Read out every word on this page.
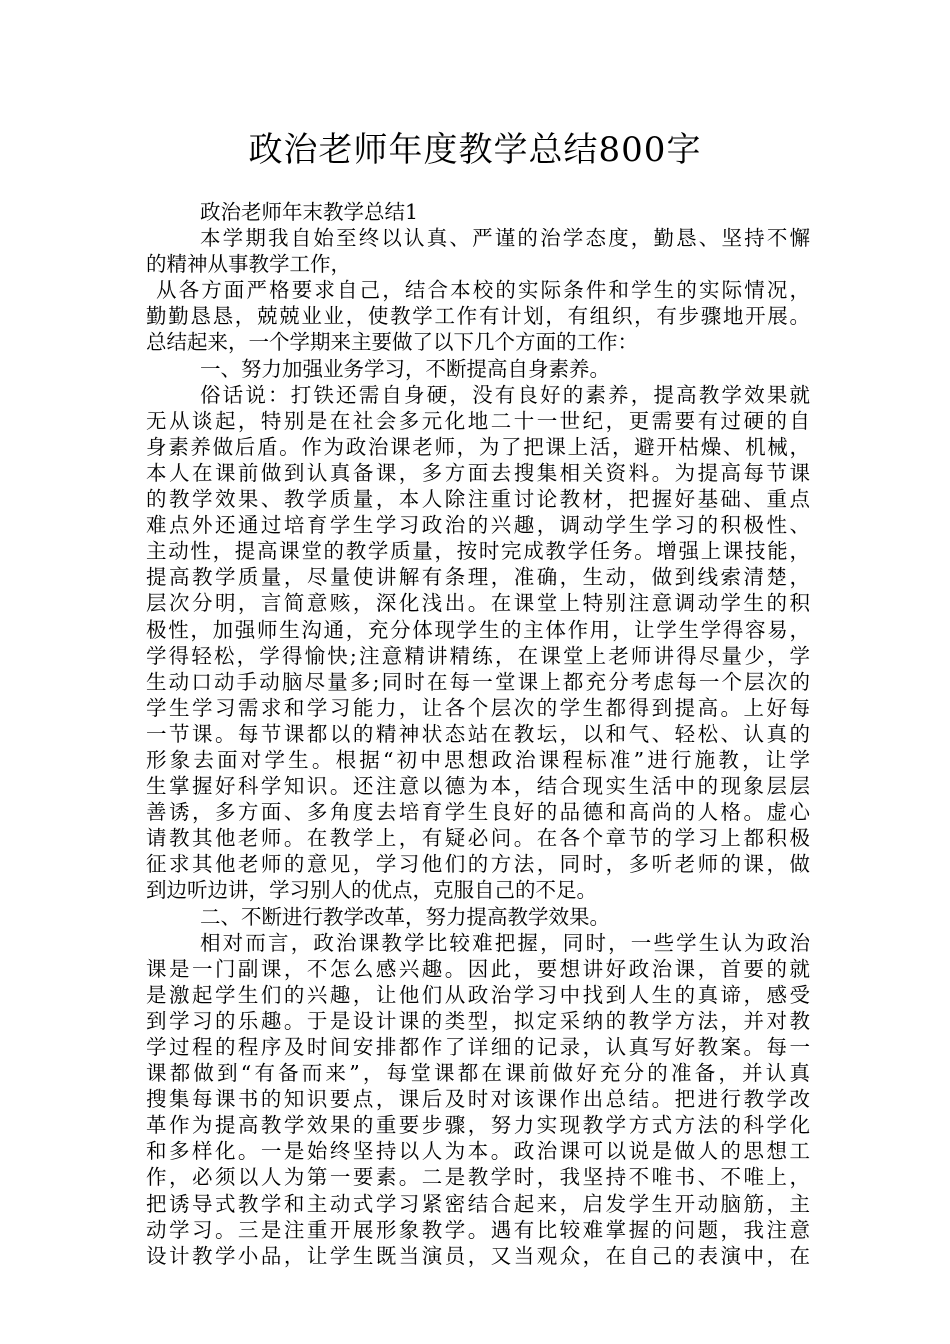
政治老师年度教学总结800字
政治老师年末教学总结1
本学期我自始至终以认真、严谨的治学态度，勤恳、坚持不懈
的精神从事教学工作，
从各方面严格要求自己，结合本校的实际条件和学生的实际情况，
勤勤恳恳，兢兢业业，使教学工作有计划，有组织，有步骤地开展。
总结起来，一个学期来主要做了以下几个方面的工作：
一、努力加强业务学习，不断提高自身素养。
俗话说：打铁还需自身硬，没有良好的素养，提高教学效果就
无从谈起，特别是在社会多元化地二十一世纪，更需要有过硬的自
身素养做后盾。作为政治课老师，为了把课上活，避开枯燥、机械，
本人在课前做到认真备课，多方面去搜集相关资料。为提高每节课
的教学效果、教学质量，本人除注重讨论教材，把握好基础、重点
难点外还通过培育学生学习政治的兴趣，调动学生学习的积极性、
主动性，提高课堂的教学质量，按时完成教学任务。增强上课技能，
提高教学质量，尽量使讲解有条理，准确，生动，做到线索清楚，
层次分明，言简意赅，深化浅出。在课堂上特别注意调动学生的积
极性，加强师生沟通，充分体现学生的主体作用，让学生学得容易，
学得轻松，学得愉快;注意精讲精练，在课堂上老师讲得尽量少，学
生动口动手动脑尽量多;同时在每一堂课上都充分考虑每一个层次的
学生学习需求和学习能力，让各个层次的学生都得到提高。上好每
一节课。每节课都以的精神状态站在教坛，以和气、轻松、认真的
形象去面对学生。根据“初中思想政治课程标准”进行施教，让学
生掌握好科学知识。还注意以德为本，结合现实生活中的现象层层
善诱，多方面、多角度去培育学生良好的品德和高尚的人格。虚心
请教其他老师。在教学上，有疑必问。在各个章节的学习上都积极
征求其他老师的意见，学习他们的方法，同时，多听老师的课，做
到边听边讲，学习别人的优点，克服自己的不足。
二、不断进行教学改革，努力提高教学效果。
相对而言，政治课教学比较难把握，同时，一些学生认为政治
课是一门副课，不怎么感兴趣。因此，要想讲好政治课，首要的就
是激起学生们的兴趣，让他们从政治学习中找到人生的真谛，感受
到学习的乐趣。于是设计课的类型，拟定采纳的教学方法，并对教
学过程的程序及时间安排都作了详细的记录，认真写好教案。每一
课都做到“有备而来”，每堂课都在课前做好充分的准备，并认真
搜集每课书的知识要点，课后及时对该课作出总结。把进行教学改
革作为提高教学效果的重要步骤，努力实现教学方式方法的科学化
和多样化。一是始终坚持以人为本。政治课可以说是做人的思想工
作，必须以人为第一要素。二是教学时，我坚持不唯书、不唯上，
把诱导式教学和主动式学习紧密结合起来，启发学生开动脑筋，主
动学习。三是注重开展形象教学。遇有比较难掌握的问题，我注意
设计教学小品，让学生既当演员，又当观众，在自己的表演中，在
